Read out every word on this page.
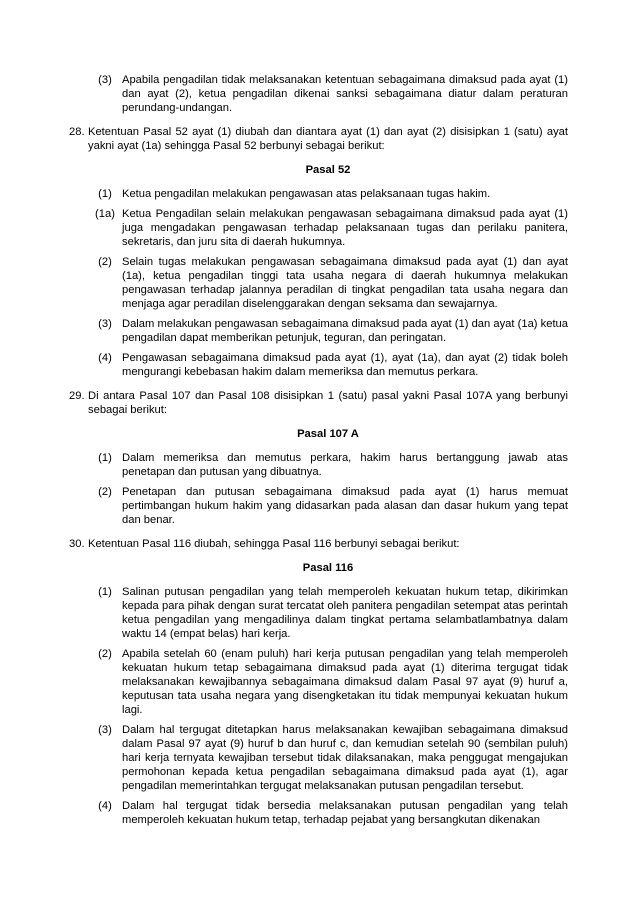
(3) Apabila pengadilan tidak melaksanakan ketentuan sebagaimana dimaksud pada ayat (1) dan ayat (2), ketua pengadilan dikenai sanksi sebagaimana diatur dalam peraturan perundang-undangan.
28. Ketentuan Pasal 52 ayat (1) diubah dan diantara ayat (1) dan ayat (2) disisipkan 1 (satu) ayat yakni ayat (1a) sehingga Pasal 52 berbunyi sebagai berikut:
Pasal 52
(1) Ketua pengadilan melakukan pengawasan atas pelaksanaan tugas hakim.
(1a) Ketua Pengadilan selain melakukan pengawasan sebagaimana dimaksud pada ayat (1) juga mengadakan pengawasan terhadap pelaksanaan tugas dan perilaku panitera, sekretaris, dan juru sita di daerah hukumnya.
(2) Selain tugas melakukan pengawasan sebagaimana dimaksud pada ayat (1) dan ayat (1a), ketua pengadilan tinggi tata usaha negara di daerah hukumnya melakukan pengawasan terhadap jalannya peradilan di tingkat pengadilan tata usaha negara dan menjaga agar peradilan diselenggarakan dengan seksama dan sewajarnya.
(3) Dalam melakukan pengawasan sebagaimana dimaksud pada ayat (1) dan ayat (1a) ketua pengadilan dapat memberikan petunjuk, teguran, dan peringatan.
(4) Pengawasan sebagaimana dimaksud pada ayat (1), ayat (1a), dan ayat (2) tidak boleh mengurangi kebebasan hakim dalam memeriksa dan memutus perkara.
29. Di antara Pasal 107 dan Pasal 108 disisipkan 1 (satu) pasal yakni Pasal 107A yang berbunyi sebagai berikut:
Pasal 107 A
(1) Dalam memeriksa dan memutus perkara, hakim harus bertanggung jawab atas penetapan dan putusan yang dibuatnya.
(2) Penetapan dan putusan sebagaimana dimaksud pada ayat (1) harus memuat pertimbangan hukum hakim yang didasarkan pada alasan dan dasar hukum yang tepat dan benar.
30. Ketentuan Pasal 116 diubah, sehingga Pasal 116 berbunyi sebagai berikut:
Pasal 116
(1) Salinan putusan pengadilan yang telah memperoleh kekuatan hukum tetap, dikirimkan kepada para pihak dengan surat tercatat oleh panitera pengadilan setempat atas perintah ketua pengadilan yang mengadilinya dalam tingkat pertama selambatlambatnya dalam waktu 14 (empat belas) hari kerja.
(2) Apabila setelah 60 (enam puluh) hari kerja putusan pengadilan yang telah memperoleh kekuatan hukum tetap sebagaimana dimaksud pada ayat (1) diterima tergugat tidak melaksanakan kewajibannya sebagaimana dimaksud dalam Pasal 97 ayat (9) huruf a, keputusan tata usaha negara yang disengketakan itu tidak mempunyai kekuatan hukum lagi.
(3) Dalam hal tergugat ditetapkan harus melaksanakan kewajiban sebagaimana dimaksud dalam Pasal 97 ayat (9) huruf b dan huruf c, dan kemudian setelah 90 (sembilan puluh) hari kerja ternyata kewajiban tersebut tidak dilaksanakan, maka penggugat mengajukan permohonan kepada ketua pengadilan sebagaimana dimaksud pada ayat (1), agar pengadilan memerintahkan tergugat melaksanakan putusan pengadilan tersebut.
(4) Dalam hal tergugat tidak bersedia melaksanakan putusan pengadilan yang telah memperoleh kekuatan hukum tetap, terhadap pejabat yang bersangkutan dikenakan
